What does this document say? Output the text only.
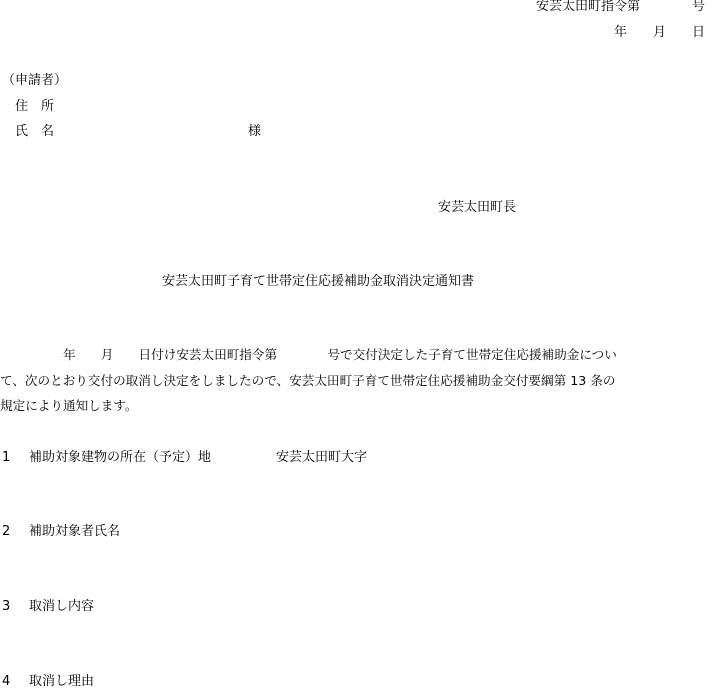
安芸太田町指令第　　　　号
年　　月　　日
（申請者）
住　所
氏　名	様
安芸太田町長
安芸太田町子育て世帯定住応援補助金取消決定通知書
　　　　　年　　月　　日付け安芸太田町指令第　　　　号で交付決定した子育て世帯定住応援補助金につい
て、次のとおり交付の取消し決定をしましたので、安芸太田町子育て世帯定住応援補助金交付要綱第 13 条の
規定により通知します。
1 補助対象建物の所在（予定）地	安芸太田町大字
2 補助対象者氏名
3 取消し内容
4 取消し理由
